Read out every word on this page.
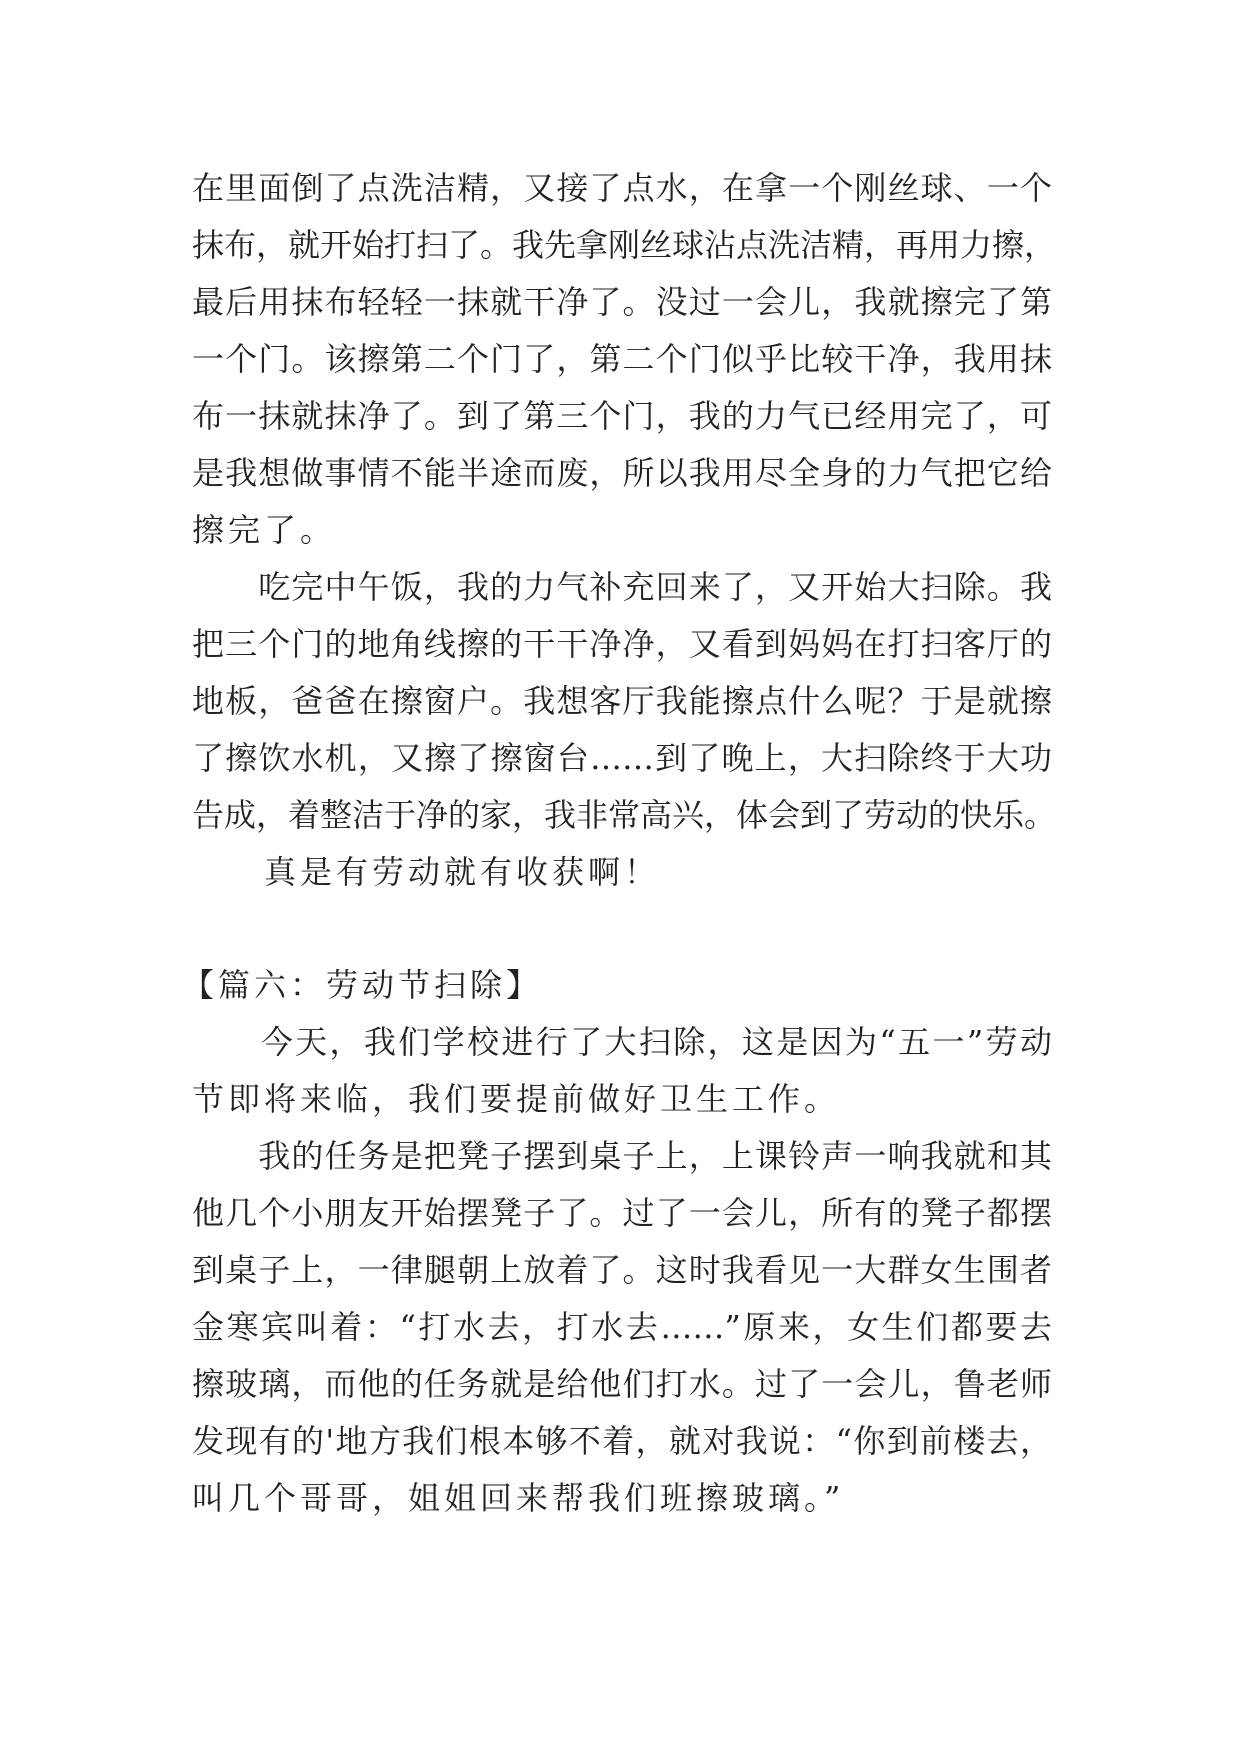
在里面倒了点洗洁精，又接了点水，在拿一个刚丝球、一个
抹布，就开始打扫了。我先拿刚丝球沾点洗洁精，再用力擦，
最后用抹布轻轻一抹就干净了。没过一会儿，我就擦完了第
一个门。该擦第二个门了，第二个门似乎比较干净，我用抹
布一抹就抹净了。到了第三个门，我的力气已经用完了，可
是我想做事情不能半途而废，所以我用尽全身的力气把它给
擦完了。
　　吃完中午饭，我的力气补充回来了，又开始大扫除。我
把三个门的地角线擦的干干净净，又看到妈妈在打扫客厅的
地板，爸爸在擦窗户。我想客厅我能擦点什么呢？于是就擦
了擦饮水机，又擦了擦窗台……到了晚上，大扫除终于大功
告成，着整洁于净的家，我非常高兴，体会到了劳动的快乐。
　　真是有劳动就有收获啊！
【篇六：劳动节扫除】
　　今天，我们学校进行了大扫除，这是因为“五一”劳动
节即将来临，我们要提前做好卫生工作。
　　我的任务是把凳子摆到桌子上，上课铃声一响我就和其
他几个小朋友开始摆凳子了。过了一会儿，所有的凳子都摆
到桌子上，一律腿朝上放着了。这时我看见一大群女生围者
金寒宾叫着：“打水去，打水去……”原来，女生们都要去
擦玻璃，而他的任务就是给他们打水。过了一会儿，鲁老师
发现有的'地方我们根本够不着，就对我说：“你到前楼去，
叫几个哥哥，姐姐回来帮我们班擦玻璃。”
